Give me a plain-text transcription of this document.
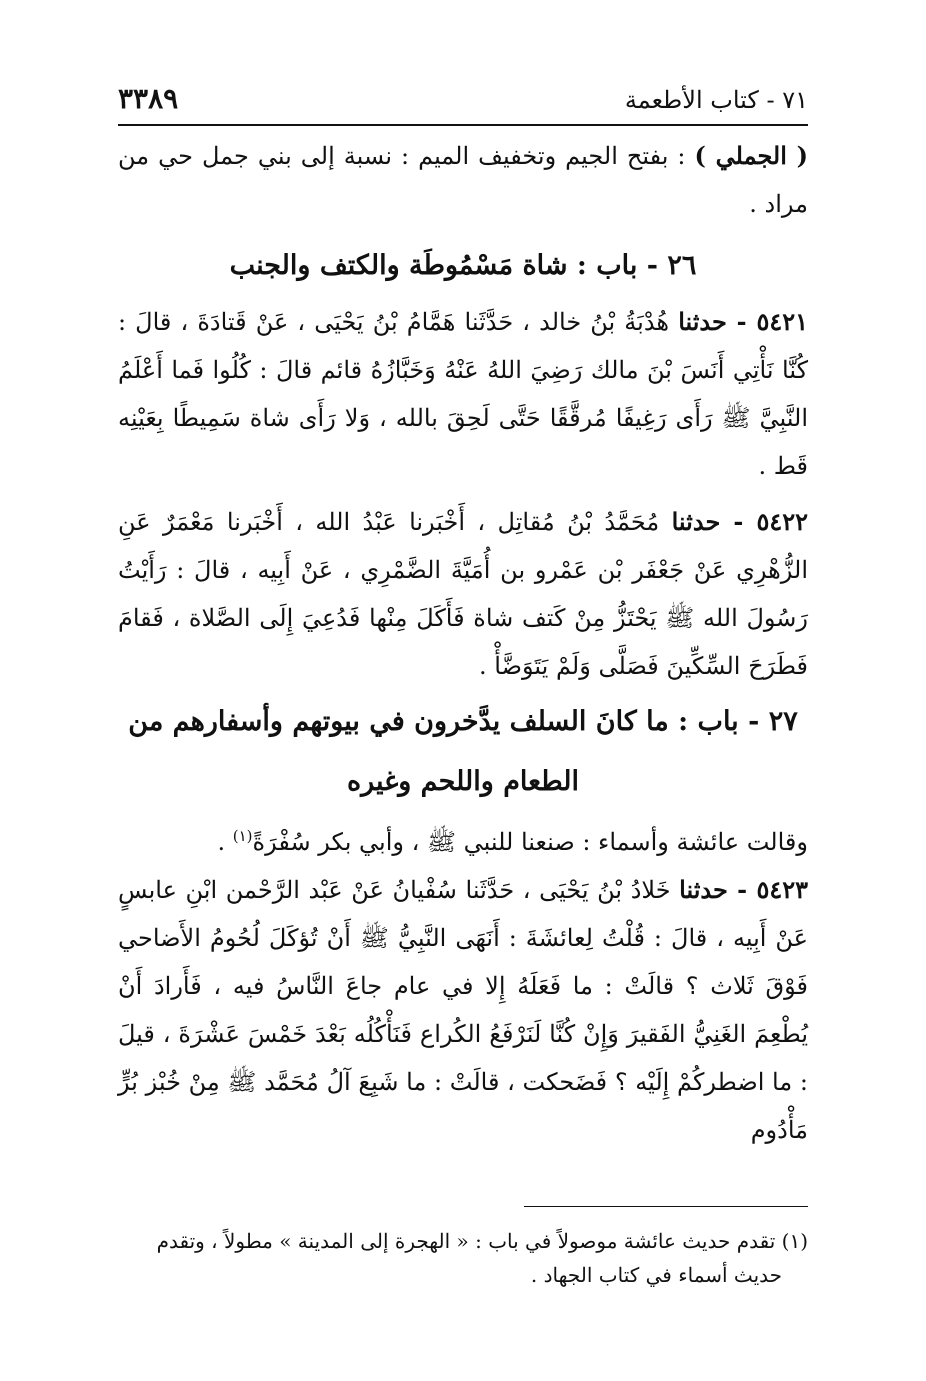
٧١ - كتاب الأطعمة
٣٣٨٩

( الجملي ) : بفتح الجيم وتخفيف الميم : نسبة إلى بني جمل حي من مراد .

٢٦ - باب : شاة مَسْمُوطَة والكتف والجنب

٥٤٢١ - حدثنا هُدْبَةُ بْنُ خالد ، حَدَّثَنا هَمَّامُ بْنُ يَحْيَى ، عَنْ قَتادَةَ ، قالَ : كُنَّا نَأْتِي أَنَسَ بْنَ مالك رَضِيَ اللهُ عَنْهُ وَخَبَّازُهُ قائم قالَ : كُلُوا فَما أَعْلَمُ النَّبِيَّ ﷺ رَأَى رَغِيفًا مُرقَّقًا حَتَّى لَحِقَ بالله ، وَلا رَأَى شاة سَمِيطًا بِعَيْنِه قَط .

٥٤٢٢ - حدثنا مُحَمَّدُ بْنُ مُقاتِل ، أَخْبَرنا عَبْدُ الله ، أَخْبَرنا مَعْمَرٌ عَنِ الزُّهْرِي عَنْ جَعْفَر بْن عَمْرو بن أُمَيَّةَ الضَّمْرِي ، عَنْ أَبِيه ، قالَ : رَأَيْتُ رَسُولَ الله ﷺ يَحْتَزُّ مِنْ كَتف شاة فَأَكَلَ مِنْها فَدُعِيَ إِلَى الصَّلاة ، فَقامَ فَطَرَحَ السِّكِّينَ فَصَلَّى وَلَمْ يَتَوَضَّأْ .

٢٧ - باب : ما كانَ السلف يدَّخرون في بيوتهم وأسفارهم من الطعام واللحم وغيره

وقالت عائشة وأسماء : صنعنا للنبي ﷺ ، وأبي بكر سُفْرَةً$^{(١)}$ .

٥٤٢٣ - حدثنا خَلادُ بْنُ يَحْيَى ، حَدَّثَنا سُفْيانُ عَنْ عَبْد الرَّحْمن ابْنِ عابسٍ عَنْ أَبِيه ، قالَ : قُلْتُ لِعائشَةَ : أَنَهَى النَّبِيُّ ﷺ أَنْ تُؤكَلَ لُحُومُ الأَضاحي فَوْقَ ثَلاث ؟ قالَتْ : ما فَعَلَهُ إِلا في عام جاعَ النَّاسُ فيه ، فَأَرادَ أَنْ يُطْعِمَ الغَنِيُّ الفَقيرَ وَإِنْ كُنَّا لَنَرْفَعُ الكُراع فَنَأْكُلُه بَعْدَ خَمْسَ عَشْرَةَ ، قيلَ : ما اضطركُمْ إِلَيْه ؟ فَضَحكت ، قالَتْ : ما شَبِعَ آلُ مُحَمَّد ﷺ مِنْ خُبْز بُرٍّ مَأْدُوم

(١) تقدم حديث عائشة موصولاً في باب : « الهجرة إلى المدينة » مطولاً ، وتقدم

حديث أسماء في كتاب الجهاد .
